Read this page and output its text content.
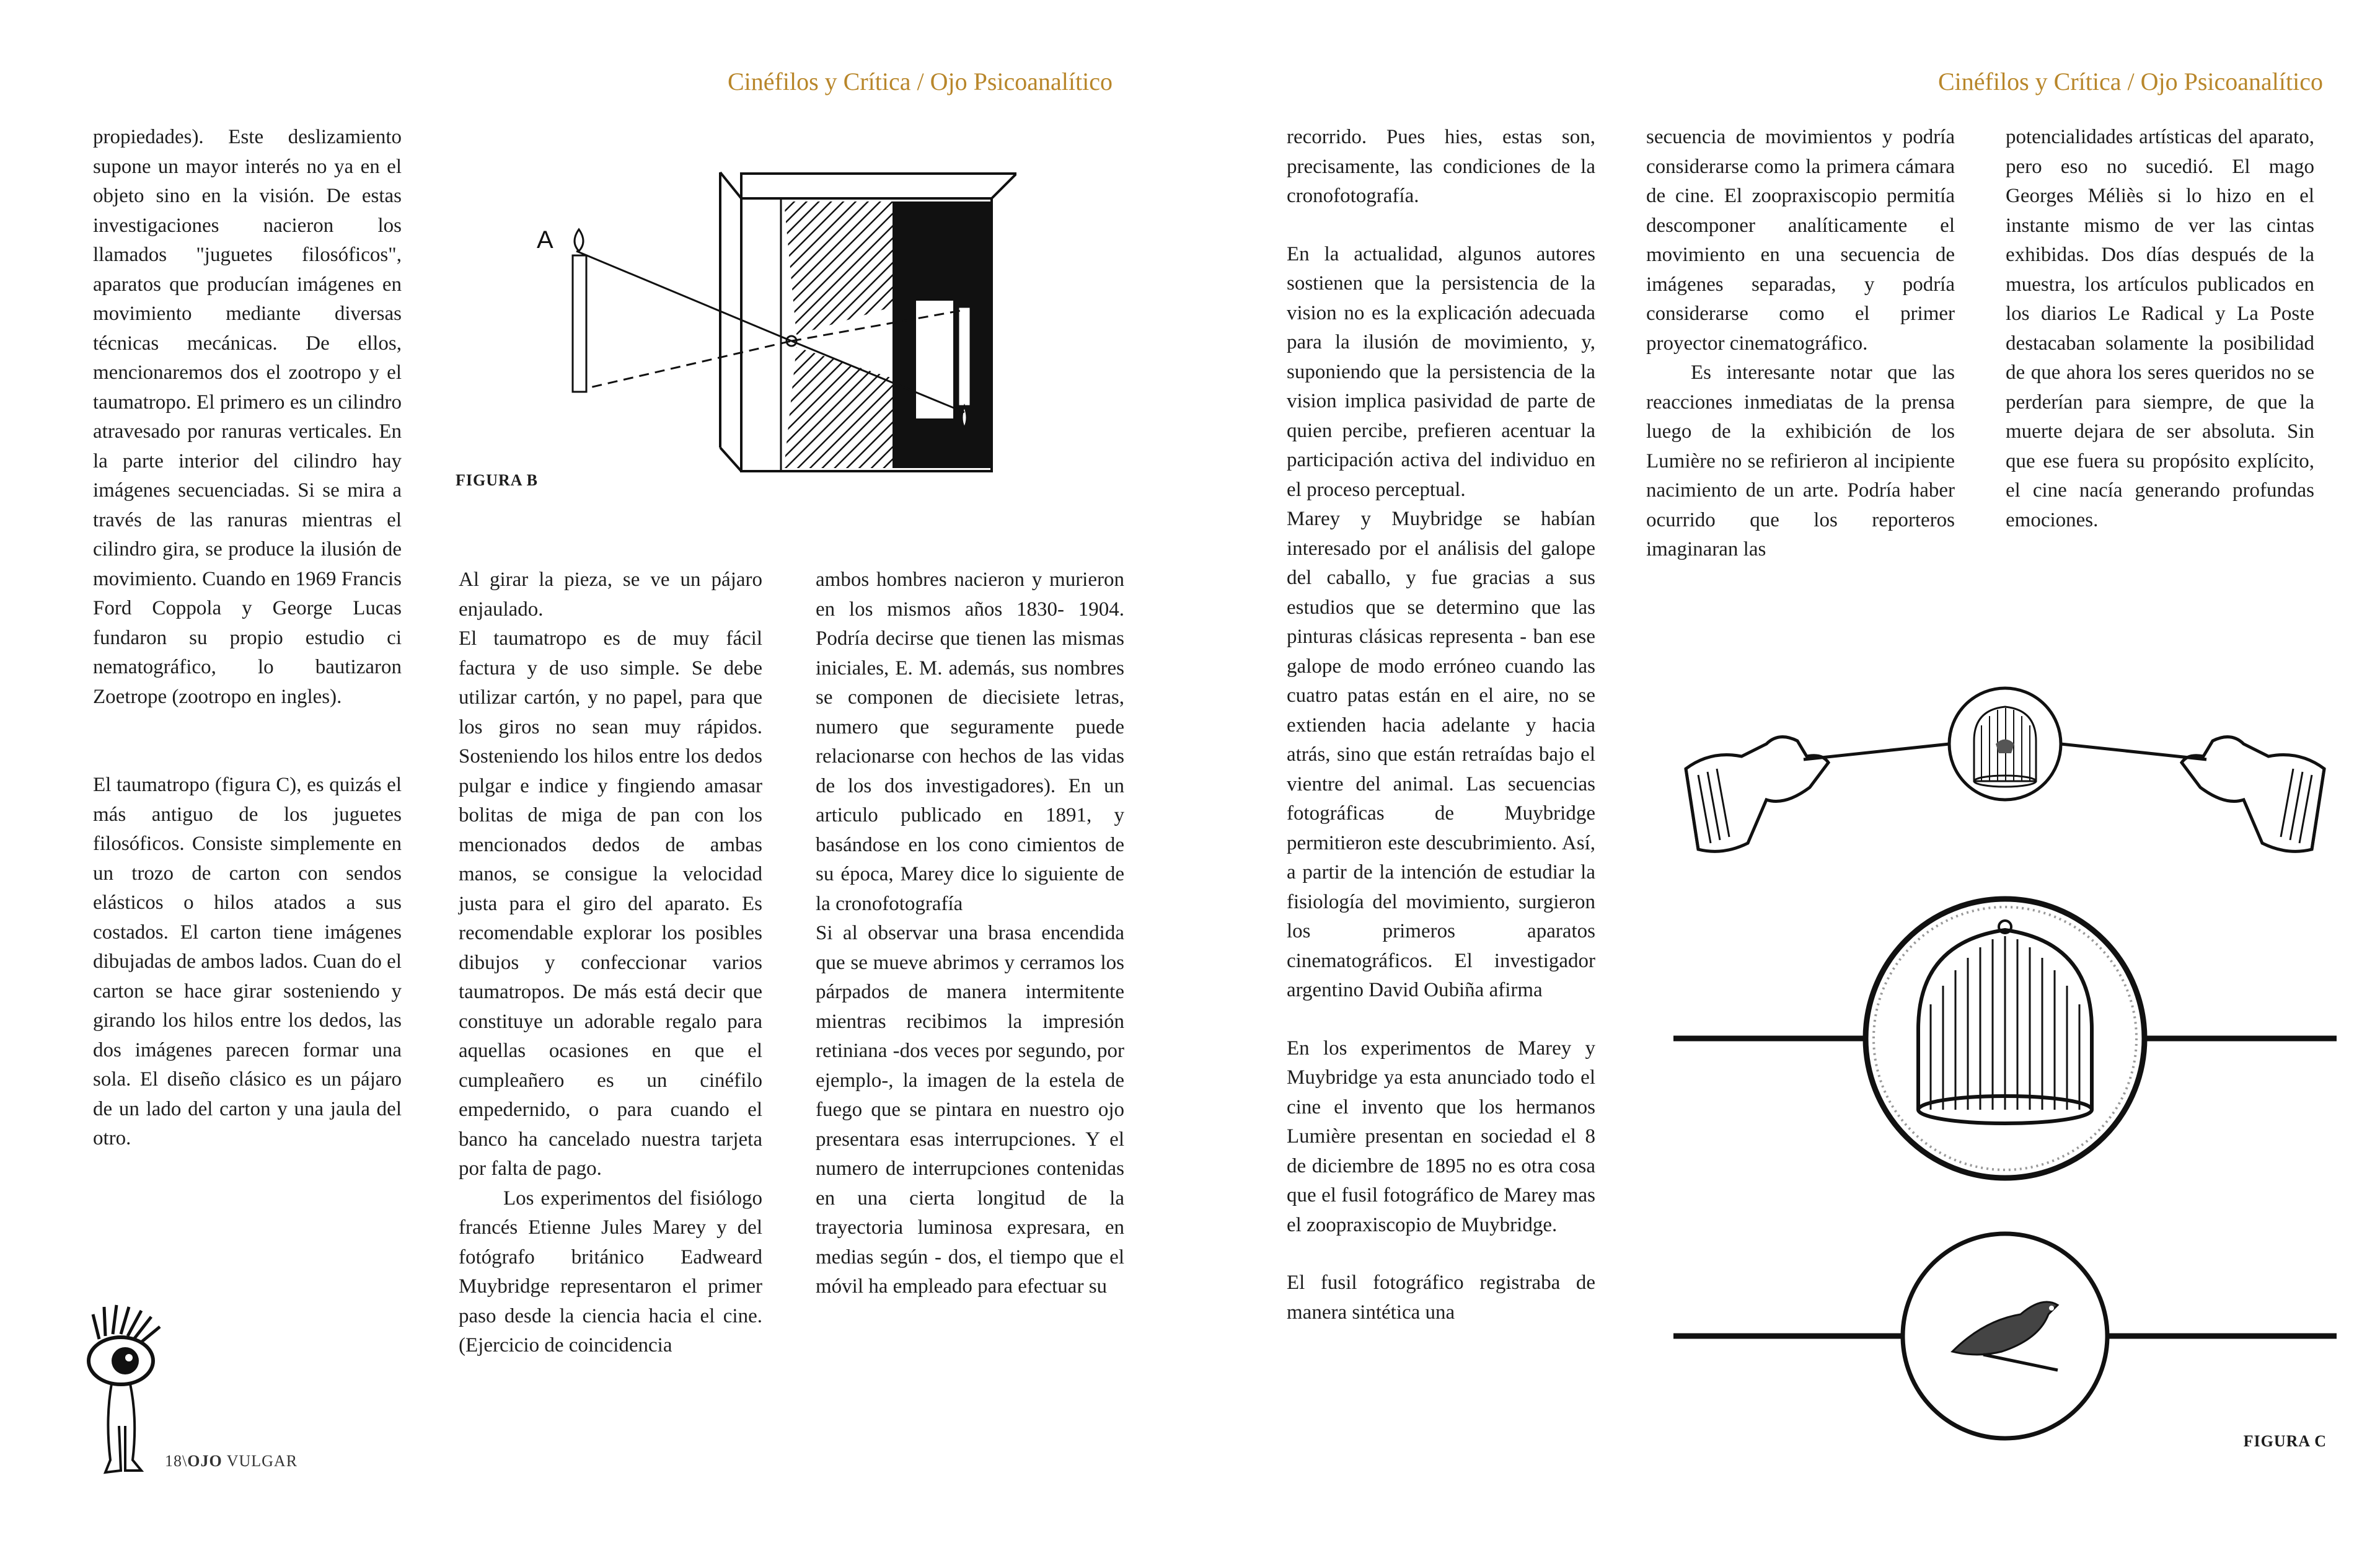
Cinéfilos y Crítica / Ojo Psicoanalítico	Cinéfilos y Crítica / Ojo Psicoanalítico

propiedades). Este deslizamiento supone un mayor interés no ya en el objeto sino en la visión. De estas investigaciones nacieron los llamados "juguetes filosóficos", aparatos que producían imágenes en movimiento mediante diversas técnicas mecánicas. De ellos, mencionaremos dos el zootropo y el taumatropo. El primero es un cilindro atravesado por ranuras verticales. En la parte interior del cilindro hay imágenes secuenciadas. Si se mira a través de las ranuras mientras el cilindro gira, se produce la ilusión de movimiento. Cuando en 1969 Francis Ford Coppola y George Lucas fundaron su propio estudio ci nematográfico, lo bautizaron Zoetrope (zootropo en ingles).

El taumatropo (figura C), es quizás el más antiguo de los juguetes filosóficos. Consiste simplemente en un trozo de carton con sendos elásticos o hilos atados a sus costados. El carton tiene imágenes dibujadas de ambos lados. Cuan do el carton se hace girar sosteniendo y girando los hilos entre los dedos, las dos imágenes parecen formar una sola. El diseño clásico es un pájaro de un lado del carton y una jaula del otro.

A
FIGURA B

Al girar la pieza, se ve un pájaro enjaulado.

El taumatropo es de muy fácil factura y de uso simple. Se debe utilizar cartón, y no papel, para que los giros no sean muy rápidos. Sosteniendo los hilos entre los dedos pulgar e indice y fingiendo amasar bolitas de miga de pan con los mencionados dedos de ambas manos, se consigue la velocidad justa para el giro del aparato. Es recomendable explorar los posibles dibujos y confeccionar varios taumatropos. De más está decir que constituye un adorable regalo para aquellas ocasiones en que el cumpleañero es un cinéfilo empedernido, o para cuando el banco ha cancelado nuestra tarjeta por falta de pago.

Los experimentos del fisiólogo francés Etienne Jules Marey y del fotógrafo británico Eadweard Muybridge representaron el primer paso desde la ciencia hacia el cine. (Ejercicio de coincidencia

ambos hombres nacieron y murieron en los mismos años 1830- 1904. Podría decirse que tienen las mismas iniciales, E. M. además, sus nombres se componen de diecisiete letras, numero que seguramente puede relacionarse con hechos de las vidas de los dos investigadores). En un articulo publicado en 1891, y basándose en los cono cimientos de su época, Marey dice lo siguiente de la cronofotografía

Si al observar una brasa encendida que se mueve abrimos y cerramos los párpados de manera intermitente mientras recibimos la impresión retiniana -dos veces por segundo, por ejemplo-, la imagen de la estela de fuego que se pintara en nuestro ojo presentara esas interrupciones. Y el numero de interrupciones contenidas en una cierta longitud de la trayectoria luminosa expresara, en medias según - dos, el tiempo que el móvil ha empleado para efectuar su

recorrido. Pues hies, estas son, precisamente, las condiciones de la cronofotografía.

En la actualidad, algunos autores sostienen que la persistencia de la vision no es la explicación adecuada para la ilusión de movimiento, y, suponiendo que la persistencia de la vision implica pasividad de parte de quien percibe, prefieren acentuar la participación activa del individuo en el proceso perceptual.

Marey y Muybridge se habían interesado por el análisis del galope del caballo, y fue gracias a sus estudios que se determino que las pinturas clásicas representa - ban ese galope de modo erróneo cuando las cuatro patas están en el aire, no se extienden hacia adelante y hacia atrás, sino que están retraídas bajo el vientre del animal. Las secuencias fotográficas de Muybridge permitieron este descubrimiento. Así, a partir de la intención de estudiar la fisiología del movimiento, surgieron los primeros aparatos cinematográficos. El investigador argentino David Oubiña afirma

En los experimentos de Marey y Muybridge ya esta anunciado todo el cine el invento que los hermanos Lumière presentan en sociedad el 8 de diciembre de 1895 no es otra cosa que el fusil fotográfico de Marey mas el zoopraxiscopio de Muybridge.

El fusil fotográfico registraba de manera sintética una

secuencia de movimientos y podría considerarse como la primera cámara de cine. El zoopraxiscopio permitía descomponer analíticamente el movimiento en una secuencia de imágenes separadas, y podría considerarse como el primer proyector cinematográfico.

Es interesante notar que las reacciones inmediatas de la prensa luego de la exhibición de los Lumière no se refirieron al incipiente nacimiento de un arte. Podría haber ocurrido que los reporteros imaginaran las

potencialidades artísticas del aparato, pero eso no sucedió. El mago Georges Méliès si lo hizo en el instante mismo de ver las cintas exhibidas. Dos días después de la muestra, los artículos publicados en los diarios Le Radical y La Poste destacaban solamente la posibilidad de que ahora los seres queridos no se perderían para siempre, de que la muerte dejara de ser absoluta. Sin que ese fuera su propósito explícito, el cine nacía generando profundas emociones.

FIGURA C
18\OJO VULGAR
